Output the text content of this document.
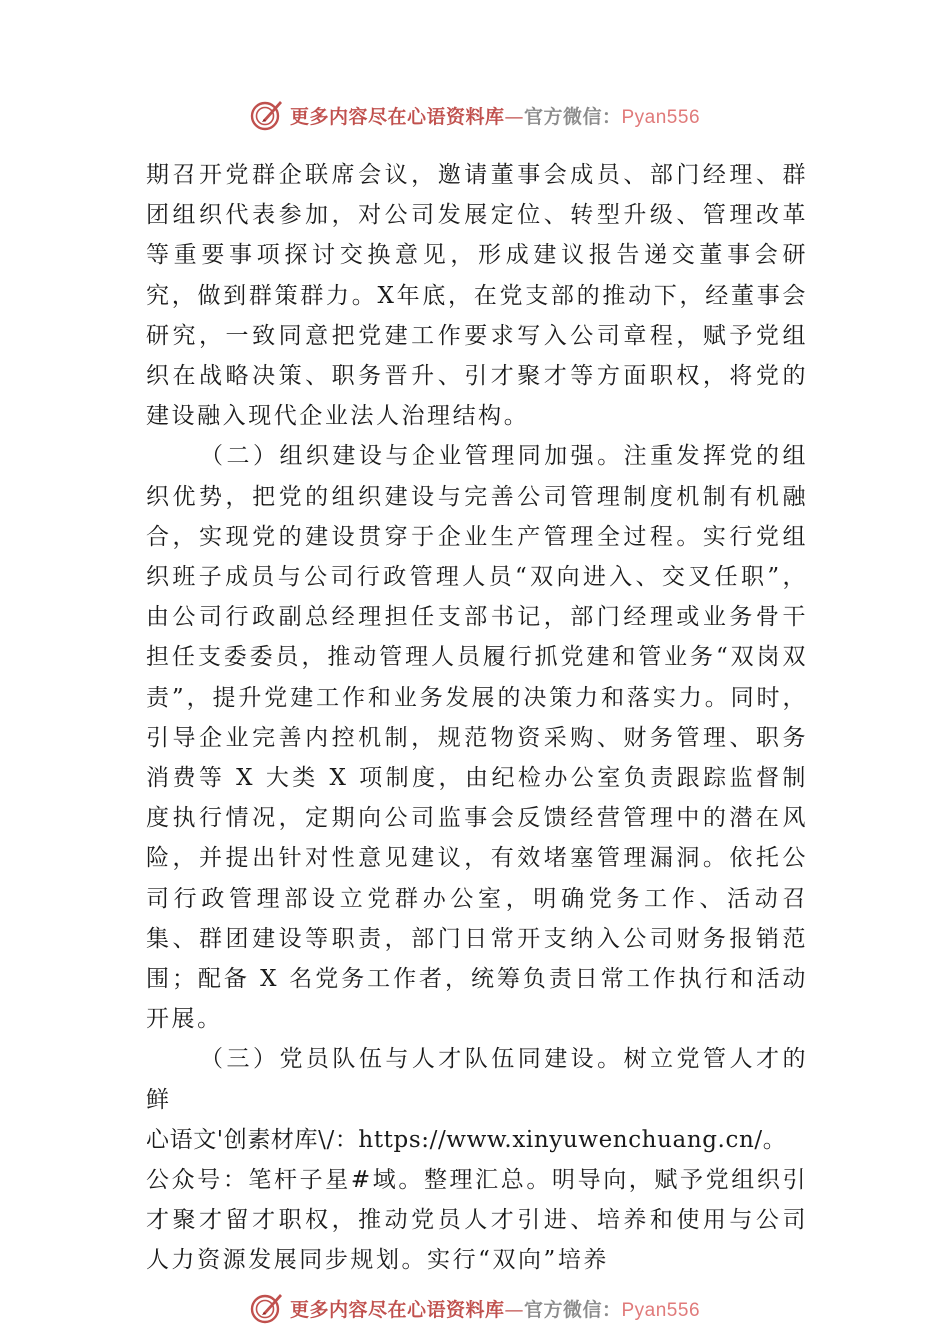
更多内容尽在心语资料库—官方微信：Pyan556

期召开党群企联席会议，邀请董事会成员、部门经理、群团组织代表参加，对公司发展定位、转型升级、管理改革等重要事项探讨交换意见，形成建议报告递交董事会研究，做到群策群力。X年底，在党支部的推动下，经董事会研究，一致同意把党建工作要求写入公司章程，赋予党组织在战略决策、职务晋升、引才聚才等方面职权，将党的建设融入现代企业法人治理结构。

（二）组织建设与企业管理同加强。注重发挥党的组织优势，把党的组织建设与完善公司管理制度机制有机融合，实现党的建设贯穿于企业生产管理全过程。实行党组织班子成员与公司行政管理人员“双向进入、交叉任职”，由公司行政副总经理担任支部书记，部门经理或业务骨干担任支委委员，推动管理人员履行抓党建和管业务“双岗双责”，提升党建工作和业务发展的决策力和落实力。同时，引导企业完善内控机制，规范物资采购、财务管理、职务消费等 X 大类 X 项制度，由纪检办公室负责跟踪监督制度执行情况，定期向公司监事会反馈经营管理中的潜在风险，并提出针对性意见建议，有效堵塞管理漏洞。依托公司行政管理部设立党群办公室，明确党务工作、活动召集、群团建设等职责，部门日常开支纳入公司财务报销范围；配备 X 名党务工作者，统筹负责日常工作执行和活动开展。

（三）党员队伍与人才队伍同建设。树立党管人才的鲜

心语文'创素材库\/：https://www.xinyuwenchuang.cn/。

公众号：笔杆子星#域。整理汇总。明导向，赋予党组织引才聚才留才职权，推动党员人才引进、培养和使用与公司人力资源发展同步规划。实行“双向”培养

更多内容尽在心语资料库—官方微信：Pyan556
